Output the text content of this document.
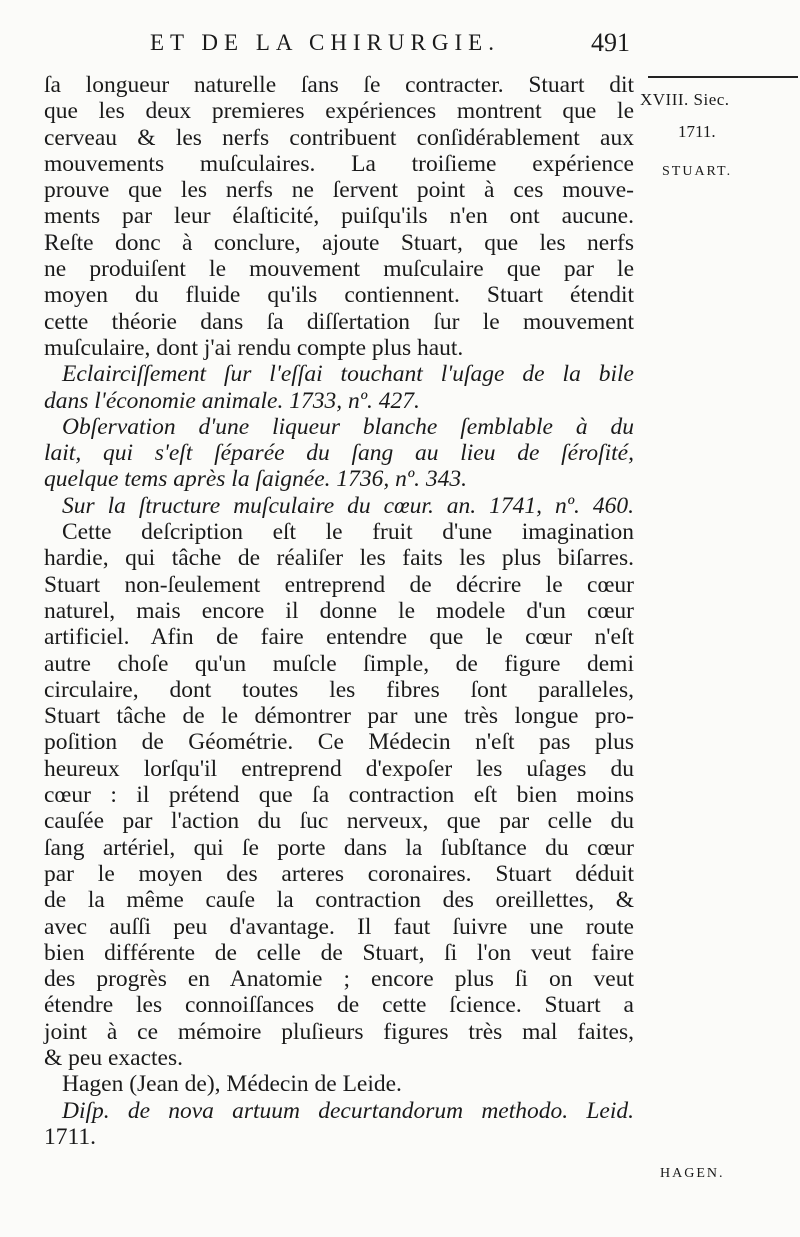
ET DE LA CHIRURGIE.	491
XVIII. Siec.
1711.
STUART.
HAGEN.
ſa longueur naturelle ſans ſe contracter. Stuart dit
que les deux premieres expériences montrent que le
cerveau & les nerfs contribuent conſidérablement aux
mouvements muſculaires. La troiſieme expérience
prouve que les nerfs ne ſervent point à ces mouve-
ments par leur élaſticité, puiſqu'ils n'en ont aucune.
Reſte donc à conclure, ajoute Stuart, que les nerfs
ne produiſent le mouvement muſculaire que par le
moyen du fluide qu'ils contiennent. Stuart étendit
cette théorie dans ſa diſſertation ſur le mouvement
muſculaire, dont j'ai rendu compte plus haut.
Eclairciſſement ſur l'eſſai touchant l'uſage de la bile
dans l'économie animale. 1733, nº. 427.
Obſervation d'une liqueur blanche ſemblable à du
lait, qui s'eſt ſéparée du ſang au lieu de ſéroſité,
quelque tems après la ſaignée. 1736, nº. 343.
Sur la ſtructure muſculaire du cœur. an. 1741, nº. 460.
Cette deſcription eſt le fruit d'une imagination
hardie, qui tâche de réaliſer les faits les plus biſarres.
Stuart non-ſeulement entreprend de décrire le cœur
naturel, mais encore il donne le modele d'un cœur
artificiel. Afin de faire entendre que le cœur n'eſt
autre choſe qu'un muſcle ſimple, de figure demi
circulaire, dont toutes les fibres ſont paralleles,
Stuart tâche de le démontrer par une très longue pro-
poſition de Géométrie. Ce Médecin n'eſt pas plus
heureux lorſqu'il entreprend d'expoſer les uſages du
cœur : il prétend que ſa contraction eſt bien moins
cauſée par l'action du ſuc nerveux, que par celle du
ſang artériel, qui ſe porte dans la ſubſtance du cœur
par le moyen des arteres coronaires. Stuart déduit
de la même cauſe la contraction des oreillettes, &
avec auſſi peu d'avantage. Il faut ſuivre une route
bien différente de celle de Stuart, ſi l'on veut faire
des progrès en Anatomie ; encore plus ſi on veut
étendre les connoiſſances de cette ſcience. Stuart a
joint à ce mémoire pluſieurs figures très mal faites,
& peu exactes.
Hagen (Jean de), Médecin de Leide.
Diſp. de nova artuum decurtandorum methodo. Leid.
1711.
